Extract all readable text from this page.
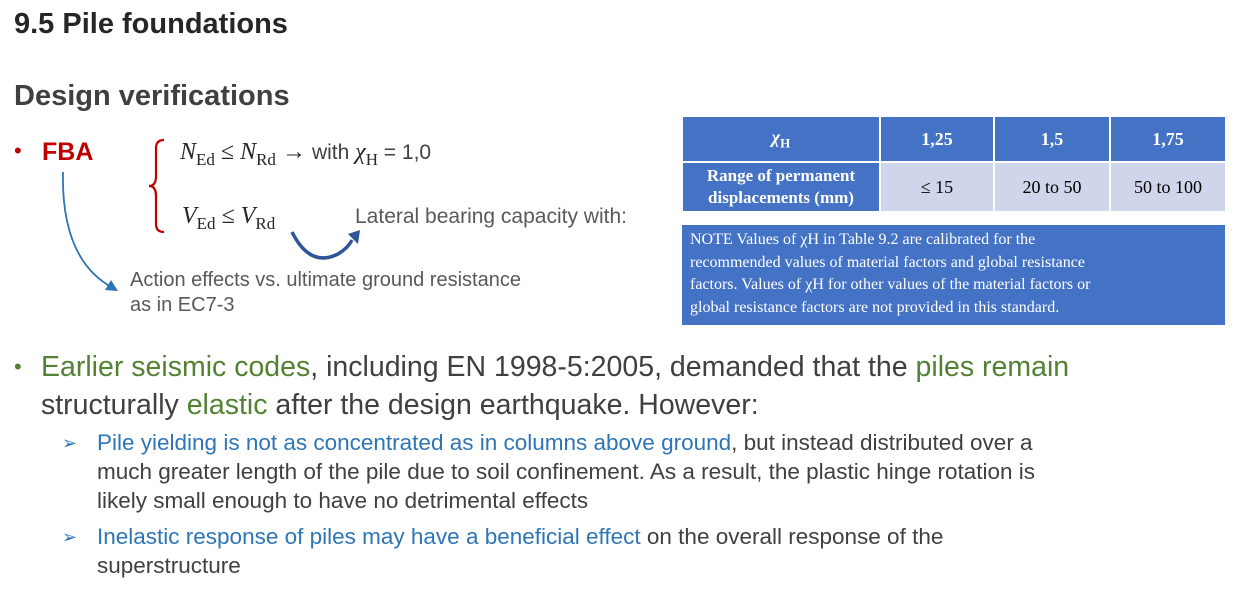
9.5 Pile foundations
Design verifications
• FBA	$N_{Ed} \le N_{Rd}$ → with $\chi_H = 1,0$
$V_{Ed} \le V_{Rd}$	Lateral bearing capacity with:
Action effects vs. ultimate ground resistance
as in EC7-3
$\chi_H$	1,25	1,5	1,75

Range of permanent
displacements (mm)	≤ 15	20 to 50	50 to 100
NOTE Values of χH in Table 9.2 are calibrated for the
recommended values of material factors and global resistance
factors. Values of χH for other values of the material factors or
global resistance factors are not provided in this standard.
• Earlier seismic codes, including EN 1998-5:2005, demanded that the piles remain
structurally elastic after the design earthquake. However:
➢ Pile yielding is not as concentrated as in columns above ground, but instead distributed over a
much greater length of the pile due to soil confinement. As a result, the plastic hinge rotation is
likely small enough to have no detrimental effects
➢ Inelastic response of piles may have a beneficial effect on the overall response of the
superstructure
